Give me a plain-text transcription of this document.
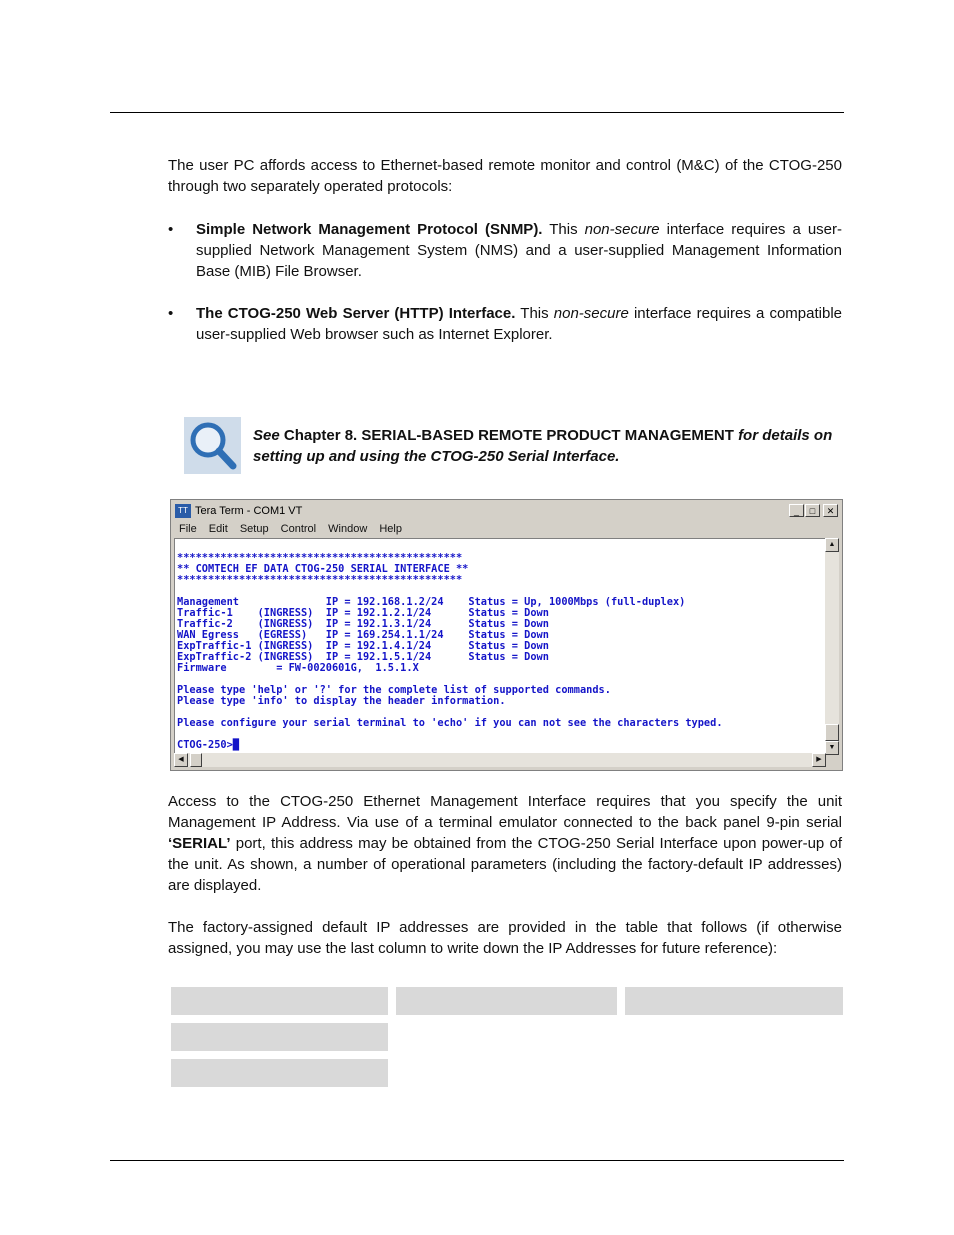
The user PC affords access to Ethernet-based remote monitor and control (M&C) of the CTOG-250 through two separately operated protocols:

•	Simple Network Management Protocol (SNMP). This non-secure interface requires a user-supplied Network Management System (NMS) and a user-supplied Management Information Base (MIB) File Browser.
•	The CTOG-250 Web Server (HTTP) Interface. This non-secure interface requires a compatible user-supplied Web browser such as Internet Explorer.
See Chapter 8. SERIAL-BASED REMOTE PRODUCT MANAGEMENT for details on setting up and using the CTOG-250 Serial Interface.
TT Tera Term - COM1 VT	_	□	✕
File Edit Setup Control Window Help
**********************************************
** COMTECH EF DATA CTOG-250 SERIAL INTERFACE **
**********************************************

Management              IP = 192.168.1.2/24    Status = Up, 1000Mbps (full-duplex)
Traffic-1    (INGRESS)  IP = 192.1.2.1/24      Status = Down
Traffic-2    (INGRESS)  IP = 192.1.3.1/24      Status = Down
WAN Egress   (EGRESS)   IP = 169.254.1.1/24    Status = Down
ExpTraffic-1 (INGRESS)  IP = 192.1.4.1/24      Status = Down
ExpTraffic-2 (INGRESS)  IP = 192.1.5.1/24      Status = Down
Firmware        = FW-0020601G,  1.5.1.X

Please type 'help' or '?' for the complete list of supported commands.
Please type 'info' to display the header information.

Please configure your serial terminal to 'echo' if you can not see the characters typed.

CTOG-250>█
▲
▼
◀	▶

Access to the CTOG-250 Ethernet Management Interface requires that you specify the unit Management IP Address. Via use of a terminal emulator connected to the back panel 9-pin serial ‘SERIAL’ port, this address may be obtained from the CTOG-250 Serial Interface upon power-up of the unit. As shown, a number of operational parameters (including the factory-default IP addresses) are displayed.

The factory-assigned default IP addresses are provided in the table that follows (if otherwise assigned, you may use the last column to write down the IP Addresses for future reference):
